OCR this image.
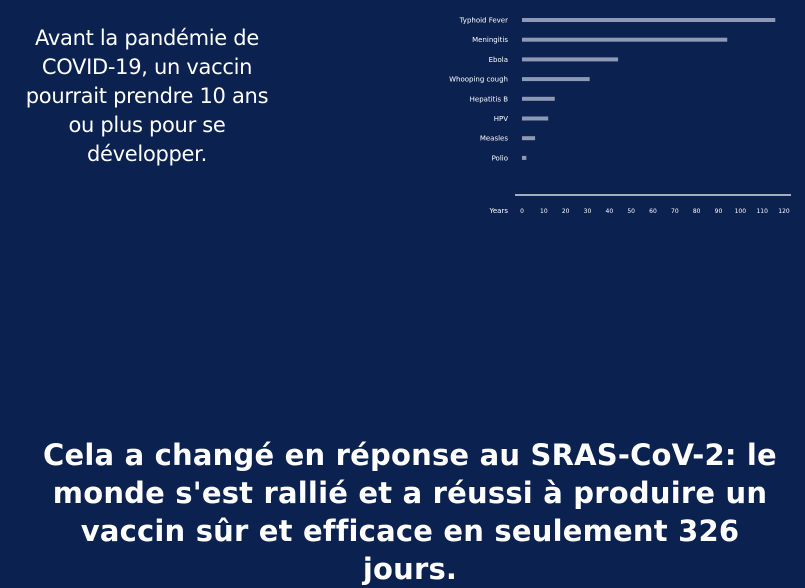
Avant la pandémie de COVID-19, un vaccin pourrait prendre 10 ans ou plus pour se développer.
Typhoid Fever
Meningitis
Ebola
Whooping cough
Hepatitis B
HPV
Measles
Polio
Years 0	10 20 30 40 50 60 70 80 90 100 110 120
Cela a changé en réponse au SRAS-CoV-2: le monde s'est rallié et a réussi à produire un vaccin sûr et efficace en seulement 326 jours.
